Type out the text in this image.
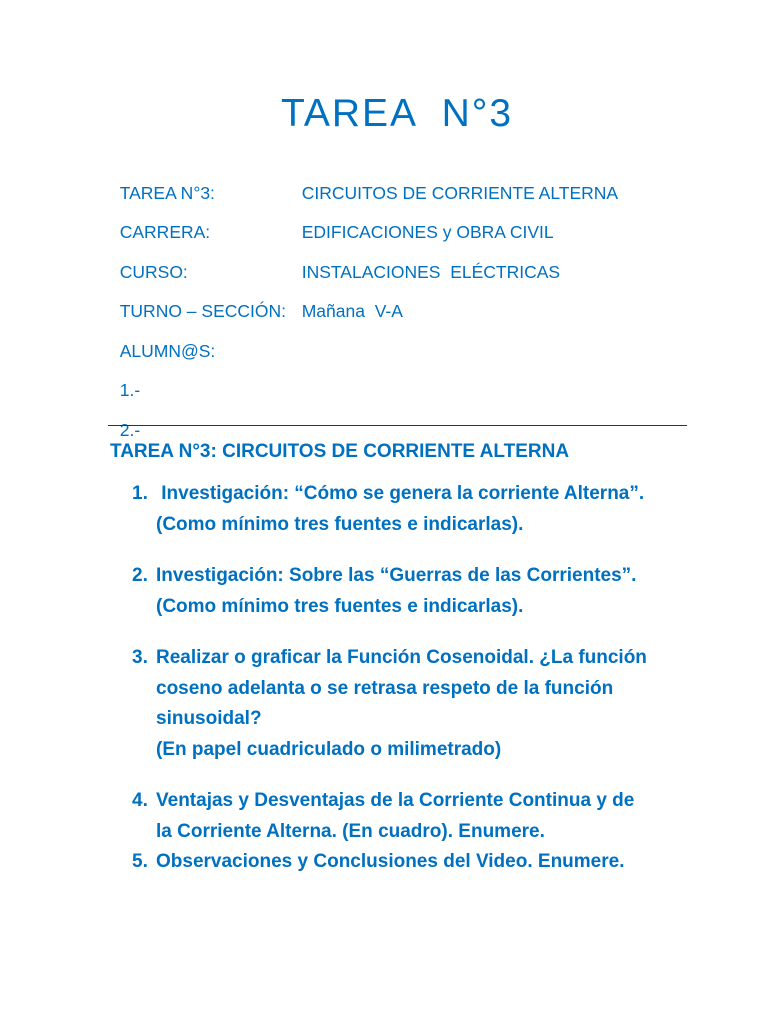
TAREA  N°3

TAREA N°3:	CIRCUITOS DE CORRIENTE ALTERNA

CARRERA:	EDIFICACIONES y OBRA CIVIL

CURSO:	INSTALACIONES  ELÉCTRICAS

TURNO – SECCIÓN: Mañana  V-A

ALUMN@S:

1.-

2.-

TAREA N°3: CIRCUITOS DE CORRIENTE ALTERNA
1. Investigación: “Cómo se genera la corriente Alterna”.
(Como mínimo tres fuentes e indicarlas).
2. Investigación: Sobre las “Guerras de las Corrientes”.
(Como mínimo tres fuentes e indicarlas).
3. Realizar o graficar la Función Cosenoidal. ¿La función
coseno adelanta o se retrasa respeto de la función
sinusoidal?
(En papel cuadriculado o milimetrado)
4. Ventajas y Desventajas de la Corriente Continua y de
la Corriente Alterna. (En cuadro). Enumere.
5. Observaciones y Conclusiones del Video. Enumere.
